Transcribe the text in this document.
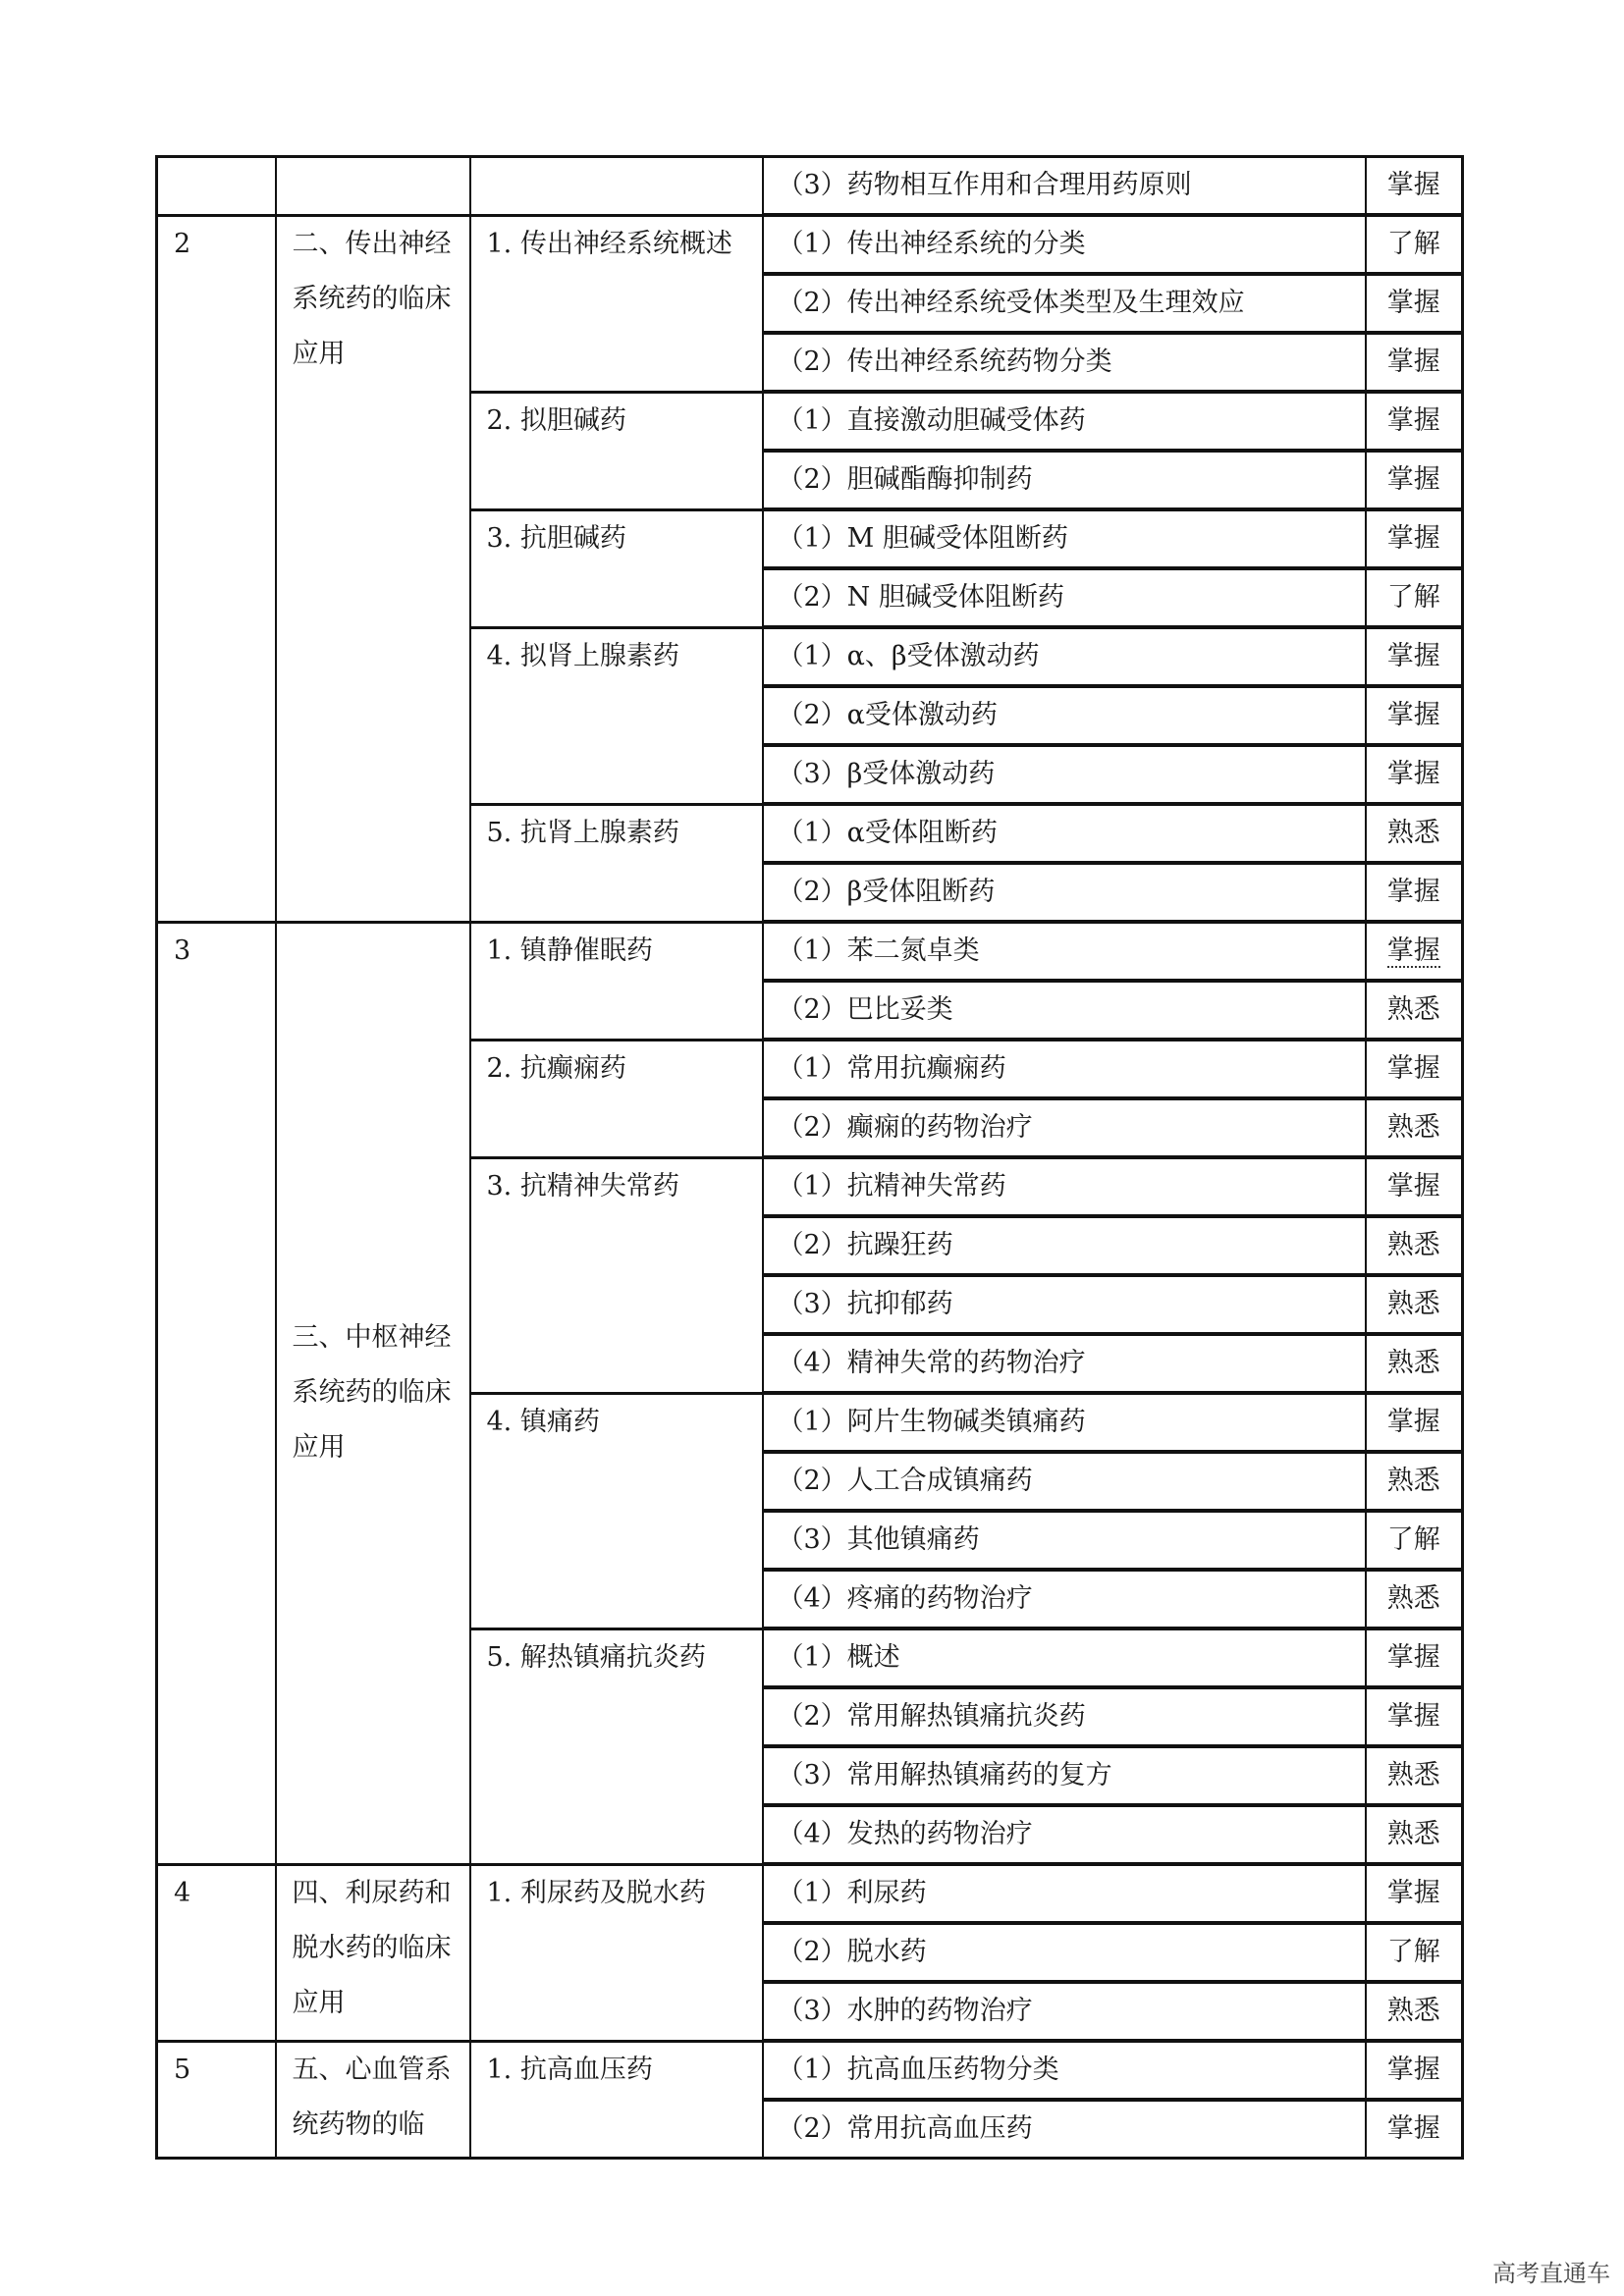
			（3）药物相互作用和合理用药原则	掌握
2	二、传出神经系统药的临床应用	1. 传出神经系统概述	（1）传出神经系统的分类	了解
			（2）传出神经系统受体类型及生理效应	掌握
			（2）传出神经系统药物分类	掌握
		2. 拟胆碱药	（1）直接激动胆碱受体药	掌握
			（2）胆碱酯酶抑制药	掌握
		3. 抗胆碱药	（1）M 胆碱受体阻断药	掌握
			（2）N 胆碱受体阻断药	了解
		4. 拟肾上腺素药	（1）α、β受体激动药	掌握
			（2）α受体激动药	掌握
			（3）β受体激动药	掌握
		5. 抗肾上腺素药	（1）α受体阻断药	熟悉
			（2）β受体阻断药	掌握
3	三、中枢神经系统药的临床应用	1. 镇静催眠药	（1）苯二氮卓类	掌握
			（2）巴比妥类	熟悉
		2. 抗癫痫药	（1）常用抗癫痫药	掌握
			（2）癫痫的药物治疗	熟悉
		3. 抗精神失常药	（1）抗精神失常药	掌握
			（2）抗躁狂药	熟悉
			（3）抗抑郁药	熟悉
			（4）精神失常的药物治疗	熟悉
		4. 镇痛药	（1）阿片生物碱类镇痛药	掌握
			（2）人工合成镇痛药	熟悉
			（3）其他镇痛药	了解
			（4）疼痛的药物治疗	熟悉
		5. 解热镇痛抗炎药	（1）概述	掌握
			（2）常用解热镇痛抗炎药	掌握
			（3）常用解热镇痛药的复方	熟悉
			（4）发热的药物治疗	熟悉
4	四、利尿药和脱水药的临床应用	1. 利尿药及脱水药	（1）利尿药	掌握
			（2）脱水药	了解
			（3）水肿的药物治疗	熟悉
5	五、心血管系统药物的临	1. 抗高血压药	（1）抗高血压药物分类	掌握
			（2）常用抗高血压药	掌握
高考直通车
